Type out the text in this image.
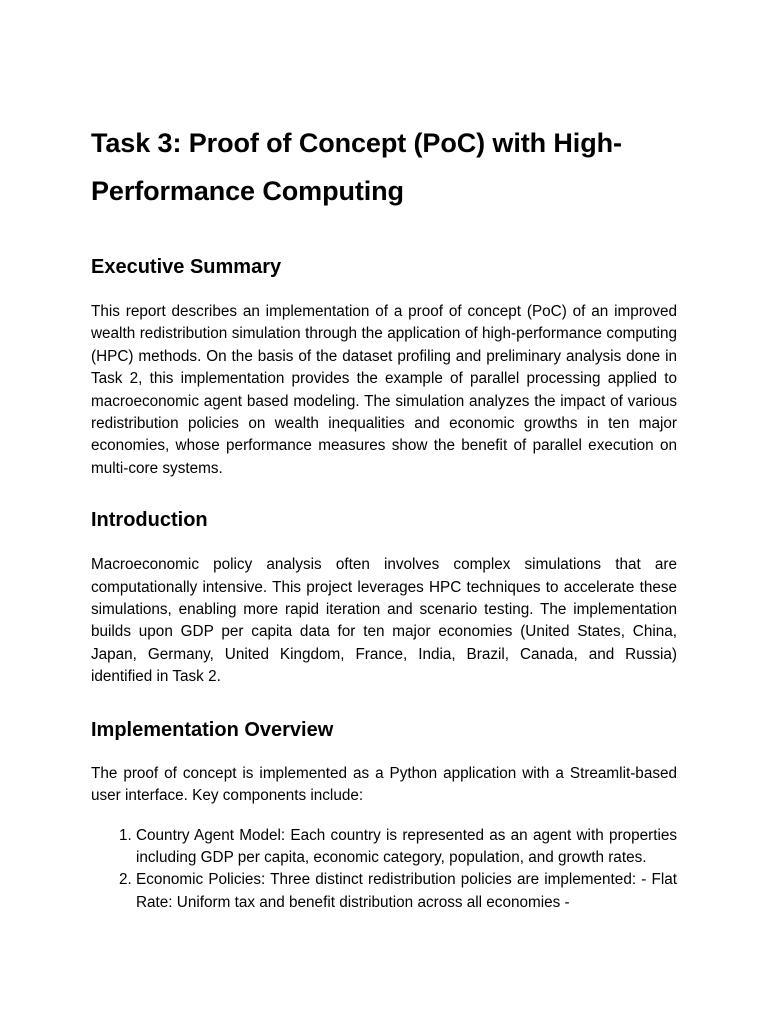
Task 3: Proof of Concept (PoC) with High-Performance Computing
Executive Summary

This report describes an implementation of a proof of concept (PoC) of an improved wealth redistribution simulation through the application of high-performance computing (HPC) methods. On the basis of the dataset profiling and preliminary analysis done in Task 2, this implementation provides the example of parallel processing applied to macroeconomic agent based modeling. The simulation analyzes the impact of various redistribution policies on wealth inequalities and economic growths in ten major economies, whose performance measures show the benefit of parallel execution on multi-core systems.

Introduction

Macroeconomic policy analysis often involves complex simulations that are computationally intensive. This project leverages HPC techniques to accelerate these simulations, enabling more rapid iteration and scenario testing. The implementation builds upon GDP per capita data for ten major economies (United States, China, Japan, Germany, United Kingdom, France, India, Brazil, Canada, and Russia) identified in Task 2.

Implementation Overview

The proof of concept is implemented as a Python application with a Streamlit-based user interface. Key components include:

1. Country Agent Model: Each country is represented as an agent with properties including GDP per capita, economic category, population, and growth rates.
2. Economic Policies: Three distinct redistribution policies are implemented: - Flat Rate: Uniform tax and benefit distribution across all economies -
